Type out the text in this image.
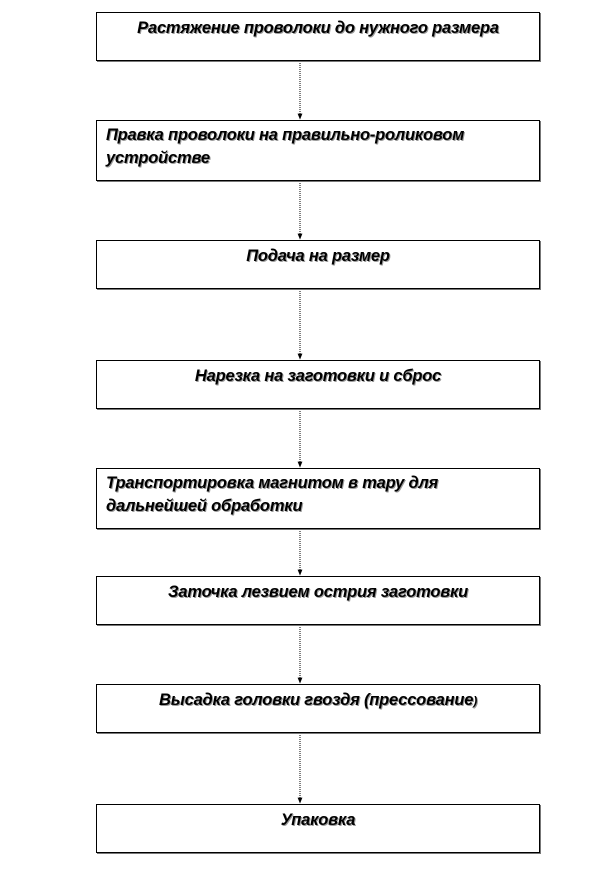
Растяжение проволоки до нужного размера
Правка проволоки на правильно-роликовом устройстве
Подача на размер
Нарезка на заготовки и сброс
Транспортировка магнитом в тару для дальнейшей обработки
Заточка лезвием острия заготовки
Высадка головки гвоздя (прессование)
Упаковка
